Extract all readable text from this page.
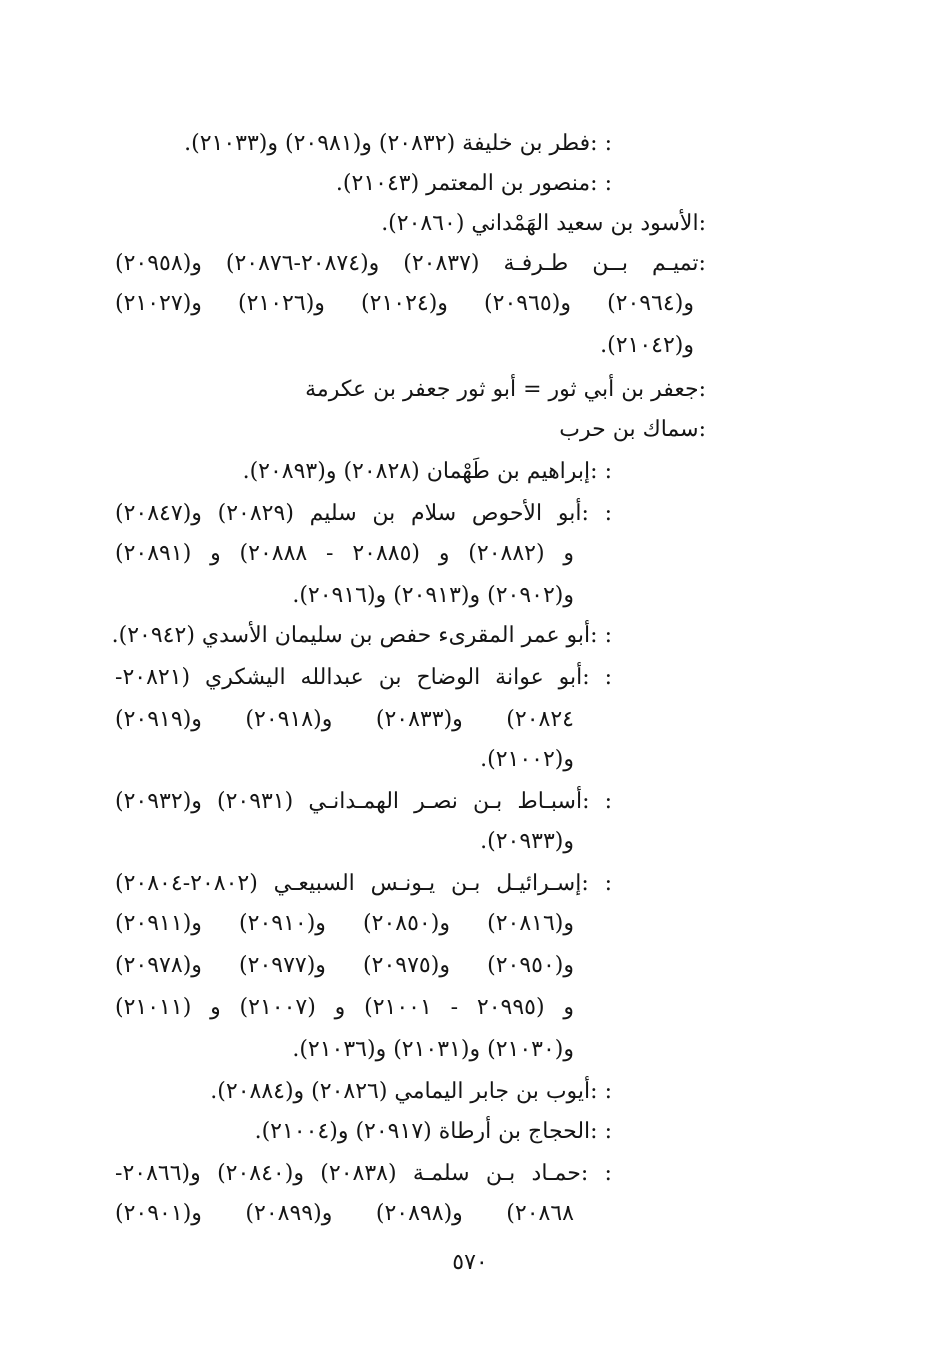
: :فطر بن خليفة (٢٠٨٣٢) و(٢٠٩٨١) و(٢١٠٣٣).
: :منصور بن المعتمر (٢١٠٤٣).
:الأسود بن سعيد الهَمْداني (٢٠٨٦٠).
:تميـم بــن طـرفـة (٢٠٨٣٧) و(٢٠٨٧٤-٢٠٨٧٦) و(٢٠٩٥٨)
و(٢٠٩٦٤) و(٢٠٩٦٥) و(٢١٠٢٤) و(٢١٠٢٦) و(٢١٠٢٧)
و(٢١٠٤٢).
:جعفر بن أبي ثور = أبو ثور جعفر بن عكرمة
:سماك بن حرب
: :إبراهيم بن طَهْمان (٢٠٨٢٨) و(٢٠٨٩٣).
: :أبو الأحوص سلام بن سليم (٢٠٨٢٩) و(٢٠٨٤٧)
و (٢٠٨٨٢) و (٢٠٨٨٥ - ٢٠٨٨٨) و (٢٠٨٩١)
و(٢٠٩٠٢) و(٢٠٩١٣) و(٢٠٩١٦).
: :أبو عمر المقرىء حفص بن سليمان الأسدي (٢٠٩٤٢).
: :أبو عوانة الوضاح بن عبدالله اليشكري (٢٠٨٢١-
٢٠٨٢٤) و(٢٠٨٣٣) و(٢٠٩١٨) و(٢٠٩١٩)
و(٢١٠٠٢).
: :أسبـاط بـن نصـر الهمـدانـي (٢٠٩٣١) و(٢٠٩٣٢)
و(٢٠٩٣٣).
: :إسـرائيـل بـن يـونـس السبيعـي (٢٠٨٠٢-٢٠٨٠٤)
و(٢٠٨١٦) و(٢٠٨٥٠) و(٢٠٩١٠) و(٢٠٩١١)
و(٢٠٩٥٠) و(٢٠٩٧٥) و(٢٠٩٧٧) و(٢٠٩٧٨)
و (٢٠٩٩٥ - ٢١٠٠١) و (٢١٠٠٧) و (٢١٠١١)
و(٢١٠٣٠) و(٢١٠٣١) و(٢١٠٣٦).
: :أيوب بن جابر اليمامي (٢٠٨٢٦) و(٢٠٨٨٤).
: :الحجاج بن أرطاة (٢٠٩١٧) و(٢١٠٠٤).
: :حمـاد بـن سلمـة (٢٠٨٣٨) و(٢٠٨٤٠) و(٢٠٨٦٦-
٢٠٨٦٨) و(٢٠٨٩٨) و(٢٠٨٩٩) و(٢٠٩٠١)
٥٧٠
